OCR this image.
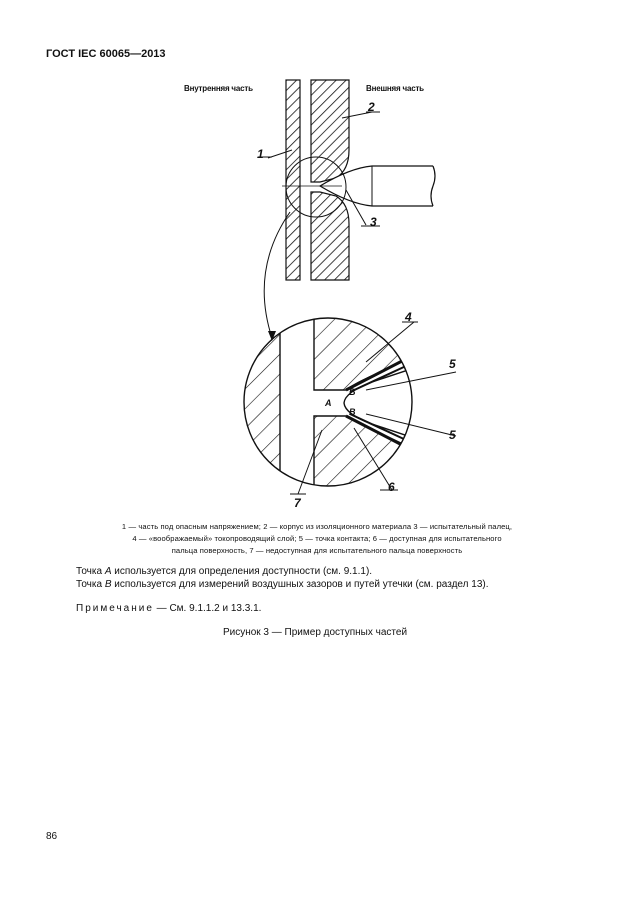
ГОСТ IEC 60065—2013
Внутренняя часть	Внешняя часть
1
2
3
4
5
5
6
7
A
B
B

1 — часть под опасным напряжением; 2 — корпус из изоляционного материала 3 — испытательный палец,

4 — «воображаемый» токопроводящий слой; 5 — точка контакта; 6 — доступная для испытательного

пальца поверхность, 7 — недоступная для испытательного пальца поверхность

Точка А используется для определения доступности (см. 9.1.1).
Точка В используется для измерений воздушных зазоров и путей утечки (см. раздел 13).
Примечание — См. 9.1.1.2 и 13.3.1.
Рисунок 3 — Пример доступных частей
86
